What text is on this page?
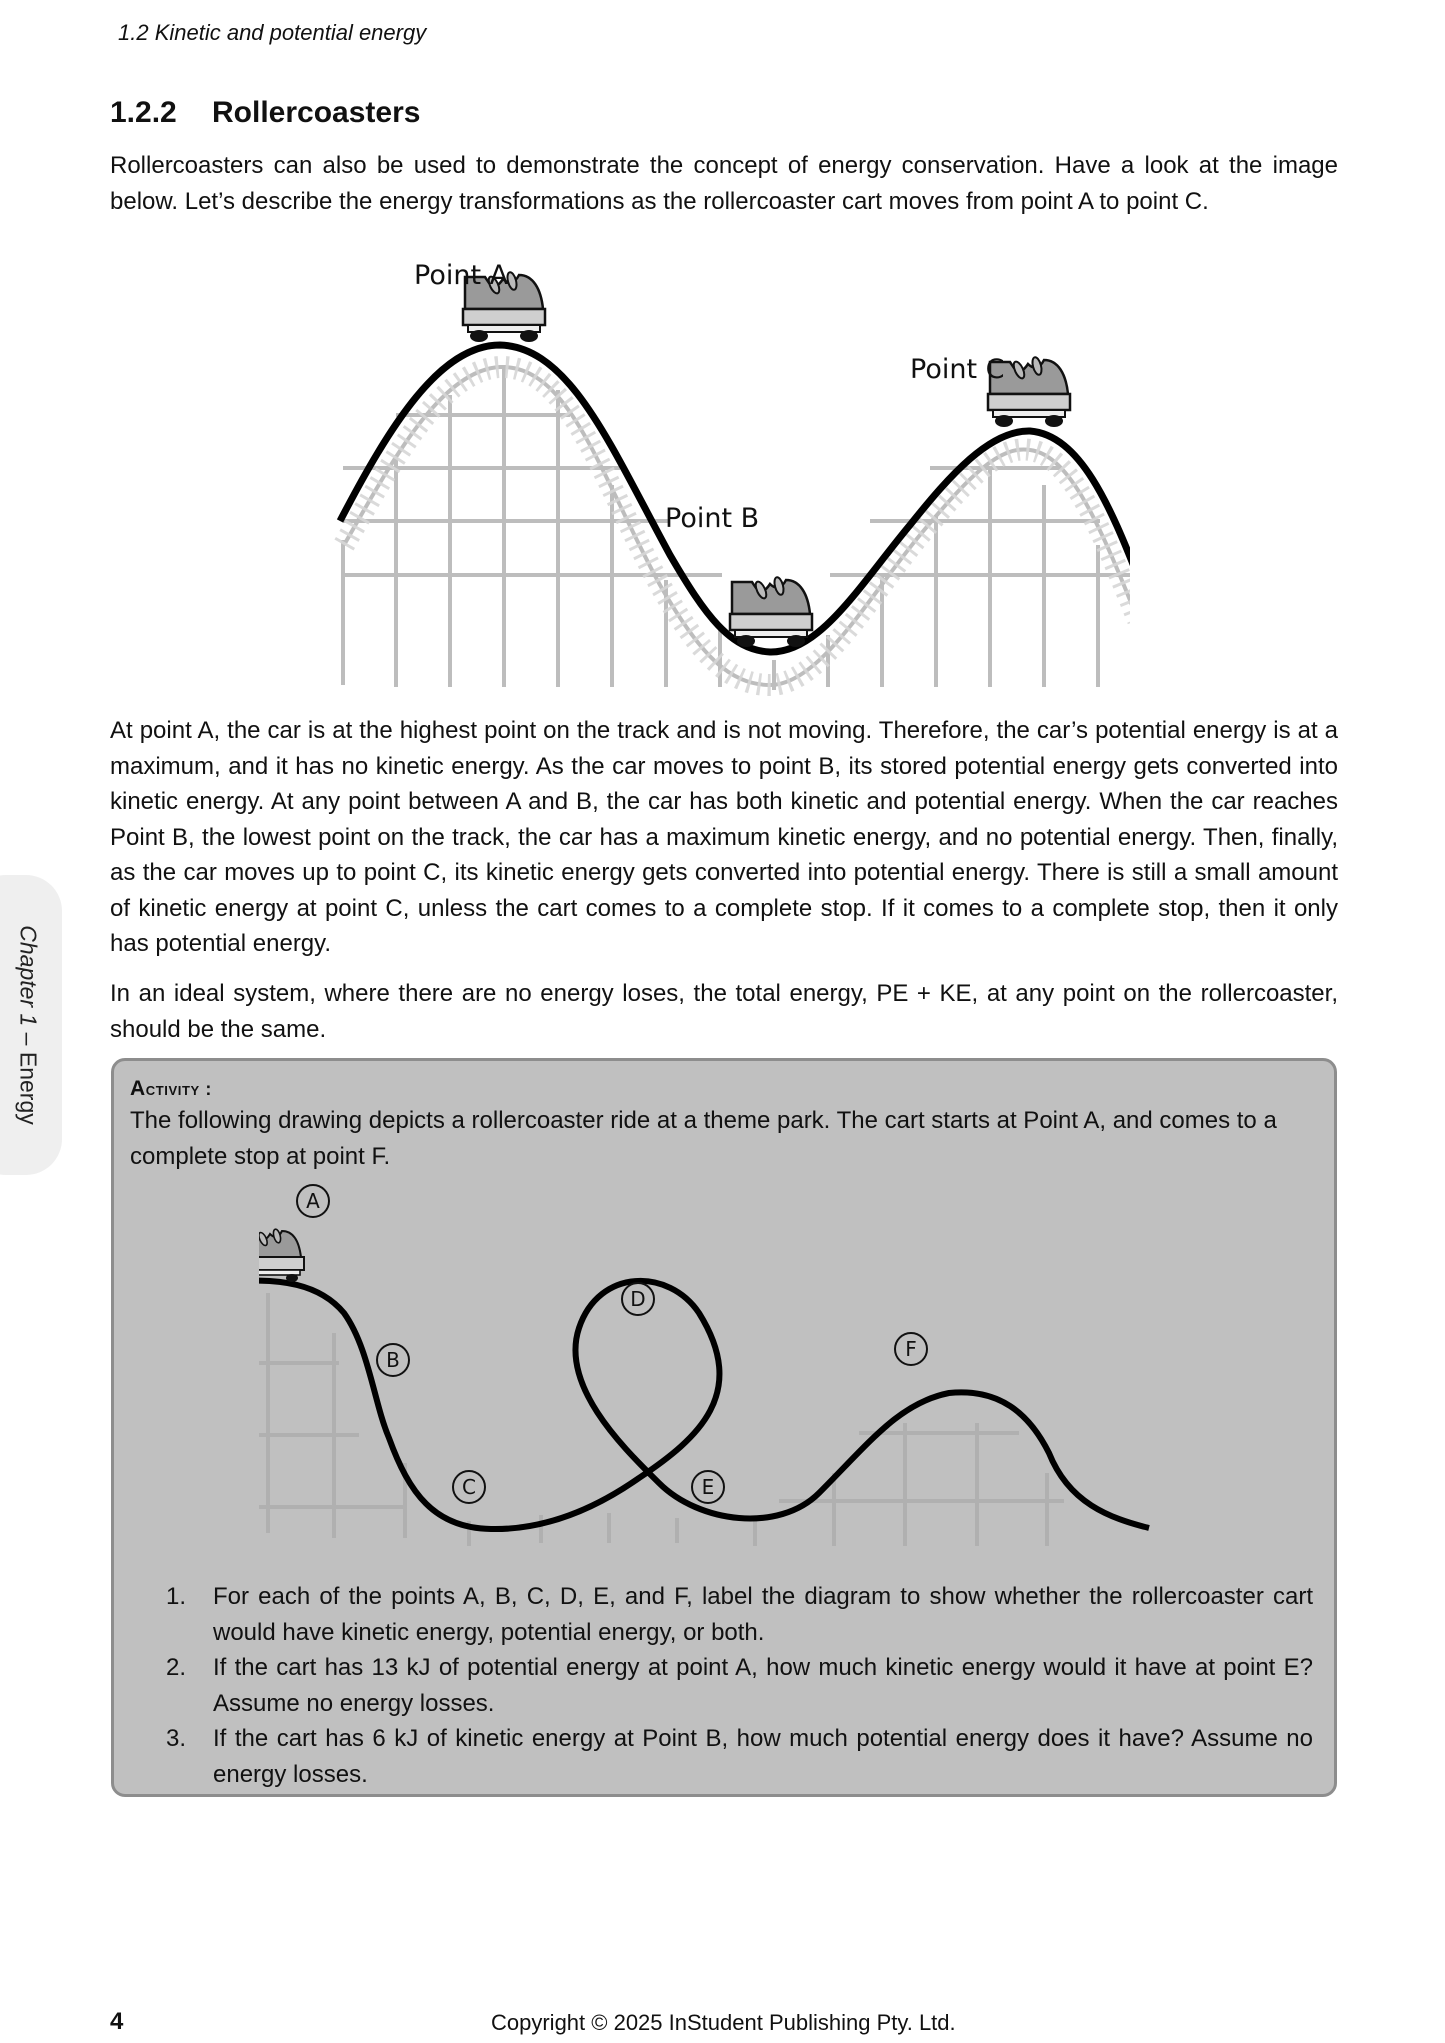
1.2 Kinetic and potential energy
1.2.2 Rollercoasters

Rollercoasters can also be used to demonstrate the concept of energy conservation. Have a look at the image below. Let’s describe the energy transformations as the rollercoaster cart moves from point A to point C.

Point A
Point B
Point C

At point A, the car is at the highest point on the track and is not moving. Therefore, the car’s potential energy is at a maximum, and it has no kinetic energy. As the car moves to point B, its stored potential energy gets converted into kinetic energy. At any point between A and B, the car has both kinetic and potential energy. When the car reaches Point B, the lowest point on the track, the car has a maximum kinetic energy, and no potential energy. Then, finally, as the car moves up to point C, its kinetic energy gets converted into potential energy. There is still a small amount of kinetic energy at point C, unless the cart comes to a complete stop. If it comes to a complete stop, then it only has potential energy.

In an ideal system, where there are no energy loses, the total energy, PE + KE, at any point on the rollercoaster, should be the same.

Chapter 1 – Energy	Activity :

The following drawing depicts a rollercoaster ride at a theme park. The cart starts at Point A, and comes to a complete stop at point F.

A
B
C
D
E
F
1. For each of the points A, B, C, D, E, and F, label the diagram to show whether the rollercoaster cart would have kinetic energy, potential energy, or both.
2. If the cart has 13 kJ of potential energy at point A, how much kinetic energy would it have at point E? Assume no energy losses.
3. If the cart has 6 kJ of kinetic energy at Point B, how much potential energy does it have? Assume no energy losses.
4	Copyright © 2025 InStudent Publishing Pty. Ltd.
